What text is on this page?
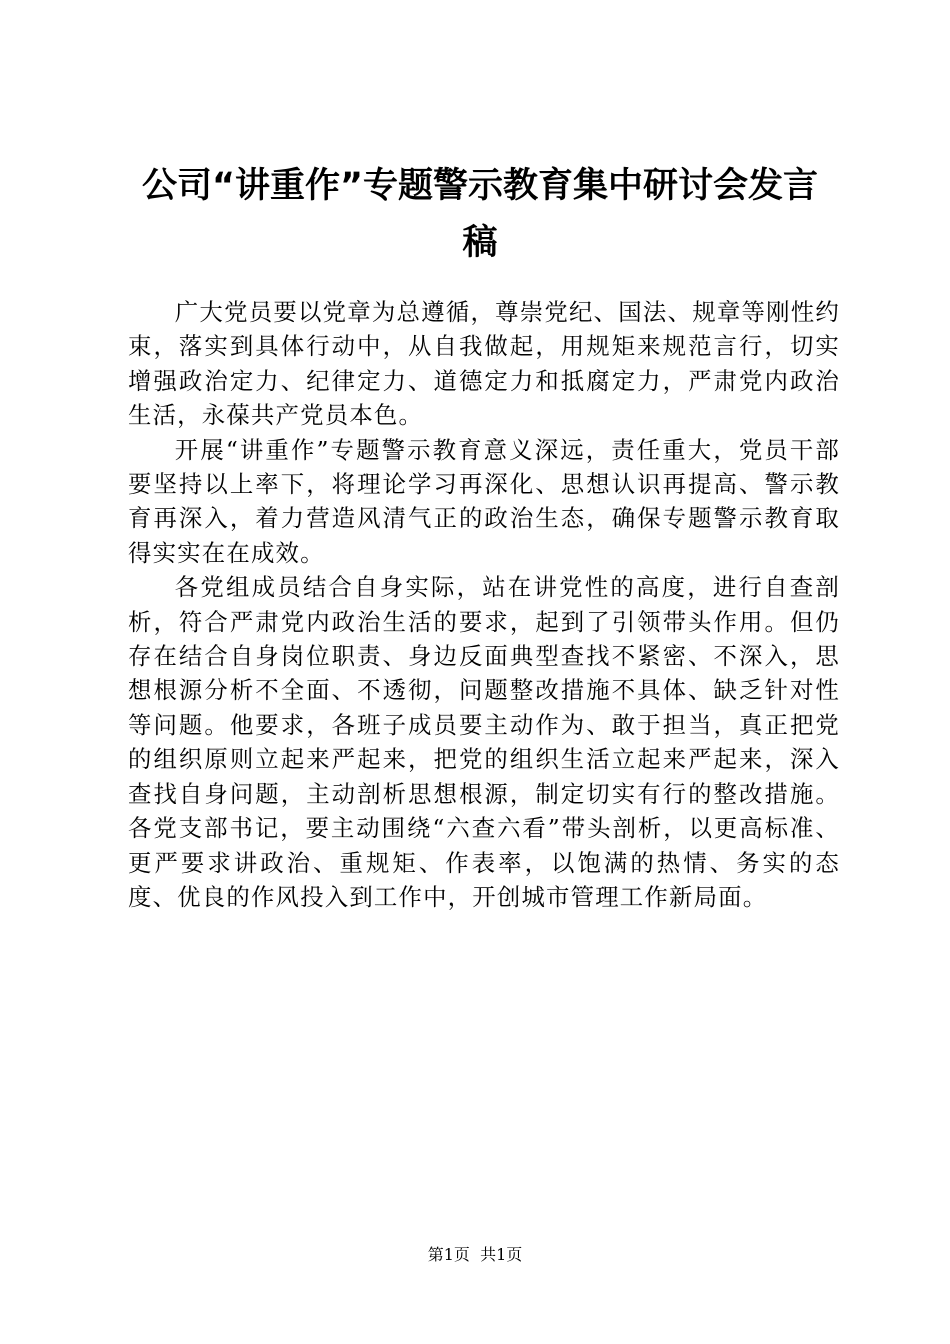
公司“讲重作”专题警示教育集中研讨会发言
稿

广大党员要以党章为总遵循，尊崇党纪、国法、规章等刚性约束，落实到具体行动中，从自我做起，用规矩来规范言行，切实增强政治定力、纪律定力、道德定力和抵腐定力，严肃党内政治生活，永葆共产党员本色。

开展“讲重作”专题警示教育意义深远，责任重大，党员干部要坚持以上率下，将理论学习再深化、思想认识再提高、警示教育再深入，着力营造风清气正的政治生态，确保专题警示教育取得实实在在成效。

各党组成员结合自身实际，站在讲党性的高度，进行自查剖析，符合严肃党内政治生活的要求，起到了引领带头作用。但仍存在结合自身岗位职责、身边反面典型查找不紧密、不深入，思想根源分析不全面、不透彻，问题整改措施不具体、缺乏针对性等问题。他要求，各班子成员要主动作为、敢于担当，真正把党的组织原则立起来严起来，把党的组织生活立起来严起来，深入查找自身问题，主动剖析思想根源，制定切实有行的整改措施。各党支部书记，要主动围绕“六查六看”带头剖析，以更高标准、更严要求讲政治、重规矩、作表率，以饱满的热情、务实的态度、优良的作风投入到工作中，开创城市管理工作新局面。

第1页  共1页
